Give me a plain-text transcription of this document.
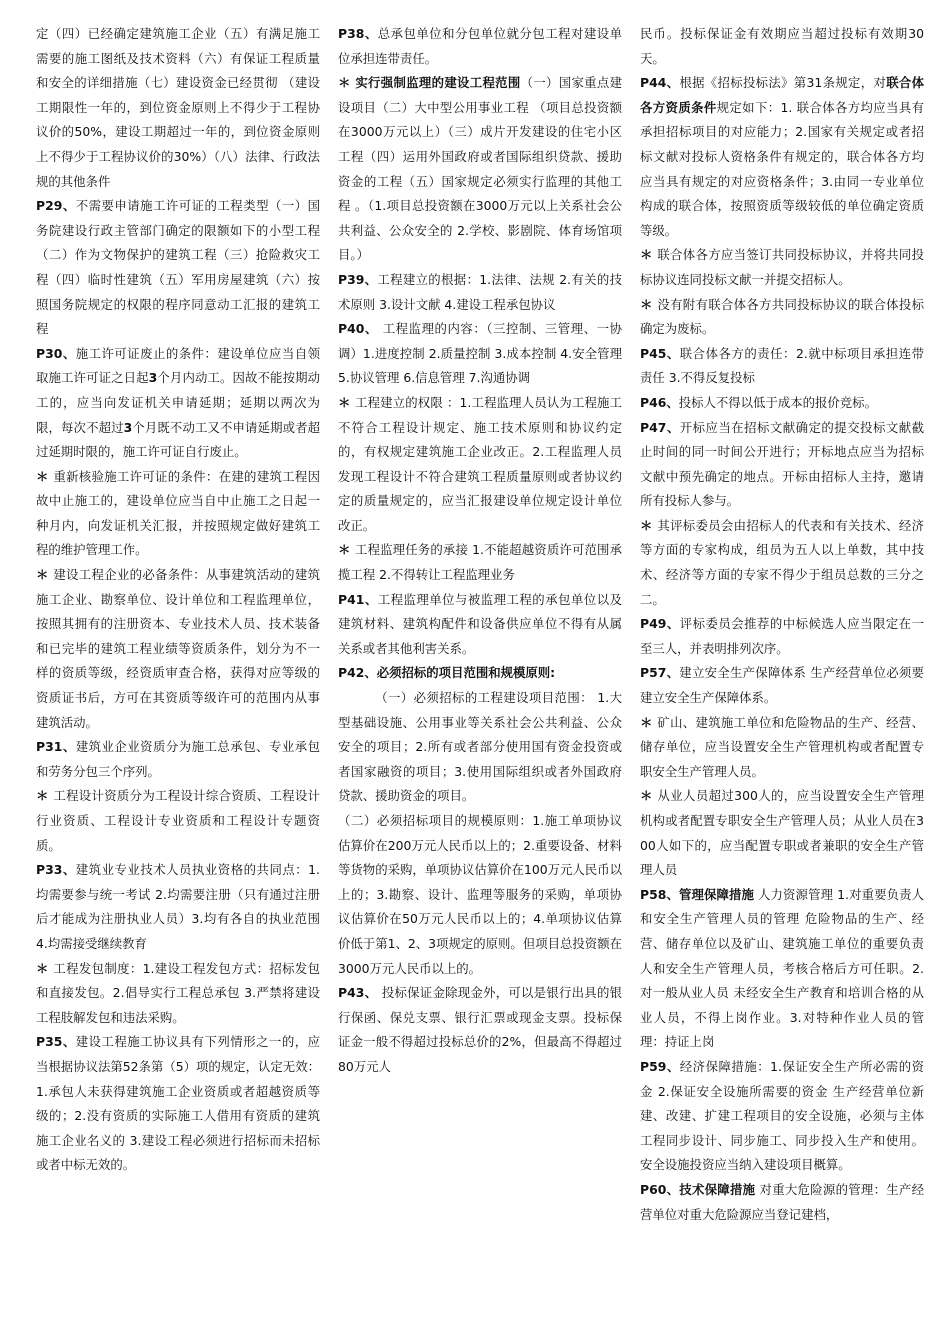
定（四）已经确定建筑施工企业（五）有满足施工需要的施工图纸及技术资料（六）有保证工程质量和安全的详细措施（七）建设资金已经贯彻 （建设工期限性一年的，到位资金原则上不得少于工程协议价的50%，建设工期超过一年的，到位资金原则上不得少于工程协议价的30%）（八）法律、行政法规的其他条件

P29、不需要申请施工许可证的工程类型（一）国务院建设行政主管部门确定的限额如下的小型工程（二）作为文物保护的建筑工程（三）抢险救灾工程（四）临时性建筑（五）军用房屋建筑（六）按照国务院规定的权限的程序同意动工汇报的建筑工程

P30、施工许可证废止的条件：建设单位应当自领取施工许可证之日起3个月内动工。因故不能按期动工的，应当向发证机关申请延期；延期以两次为限，每次不超过3个月既不动工又不申请延期或者超过延期时限的，施工许可证自行废止。

＊ 重新核验施工许可证的条件：在建的建筑工程因故中止施工的，建设单位应当自中止施工之日起一种月内，向发证机关汇报，并按照规定做好建筑工程的维护管理工作。

＊ 建设工程企业的必备条件：从事建筑活动的建筑施工企业、勘察单位、设计单位和工程监理单位，按照其拥有的注册资本、专业技术人员、技术装备和已完毕的建筑工程业绩等资质条件，划分为不一样的资质等级，经资质审查合格，获得对应等级的资质证书后，方可在其资质等级许可的范围内从事建筑活动。

P31、建筑业企业资质分为施工总承包、专业承包和劳务分包三个序列。

＊ 工程设计资质分为工程设计综合资质、工程设计行业资质、工程设计专业资质和工程设计专题资质。

P33、建筑业专业技术人员执业资格的共同点：1.均需要参与统一考试 2.均需要注册（只有通过注册后才能成为注册执业人员）3.均有各自的执业范围 4.均需接受继续教育

＊ 工程发包制度：1.建设工程发包方式：招标发包和直接发包。2.倡导实行工程总承包 3.严禁将建设工程肢解发包和违法采购。

P35、建设工程施工协议具有下列情形之一的，应当根据协议法第52条第（5）项的规定，认定无效：1.承包人未获得建筑施工企业资质或者超越资质等级的；2.没有资质的实际施工人借用有资质的建筑施工企业名义的 3.建设工程必须进行招标而未招标或者中标无效的。

P38、总承包单位和分包单位就分包工程对建设单位承担连带责任。

＊ 实行强制监理的建设工程范围（一）国家重点建设项目（二）大中型公用事业工程 （项目总投资额在3000万元以上）（三）成片开发建设的住宅小区工程（四）运用外国政府或者国际组织贷款、援助资金的工程（五）国家规定必须实行监理的其他工程 。（1.项目总投资额在3000万元以上关系社会公共利益、公众安全的 2.学校、影剧院、体育场馆项目。）

P39、工程建立的根据：1.法律、法规 2.有关的技术原则 3.设计文献 4.建设工程承包协议

P40、 工程监理的内容：（三控制、三管理、一协调）1.进度控制 2.质量控制 3.成本控制 4.安全管理 5.协议管理 6.信息管理 7.沟通协调

＊ 工程建立的权限 ：1.工程监理人员认为工程施工不符合工程设计规定、施工技术原则和协议约定的，有权规定建筑施工企业改正。2.工程监理人员发现工程设计不符合建筑工程质量原则或者协议约定的质量规定的，应当汇报建设单位规定设计单位改正。

＊ 工程监理任务的承接 1.不能超越资质许可范围承揽工程 2.不得转让工程监理业务

P41、工程监理单位与被监理工程的承包单位以及建筑材料、建筑构配件和设备供应单位不得有从属关系或者其他利害关系。

P42、必须招标的项目范围和规模原则:

（一）必须招标的工程建设项目范围： 1.大型基础设施、公用事业等关系社会公共利益、公众安全的项目；2.所有或者部分使用国有资金投资或者国家融资的项目；3.使用国际组织或者外国政府贷款、援助资金的项目。

（二）必须招标项目的规模原则：1.施工单项协议估算价在200万元人民币以上的；2.重要设备、材料等货物的采购，单项协议估算价在100万元人民币以上的；3.勘察、设计、监理等服务的采购，单项协议估算价在50万元人民币以上的；4.单项协议估算价低于第1、2、3项规定的原则。但项目总投资额在3000万元人民币以上的。

P43、 投标保证金除现金外，可以是银行出具的银行保函、保兑支票、银行汇票或现金支票。投标保证金一般不得超过投标总价的2%，但最高不得超过80万元人

民币。投标保证金有效期应当超过投标有效期30天。

P44、根据《招标投标法》第31条规定，对联合体各方资质条件规定如下：1. 联合体各方均应当具有承担招标项目的对应能力；2.国家有关规定或者招标文献对投标人资格条件有规定的，联合体各方均应当具有规定的对应资格条件；3.由同一专业单位构成的联合体，按照资质等级较低的单位确定资质等级。

＊ 联合体各方应当签订共同投标协议，并将共同投标协议连同投标文献一并提交招标人。

＊ 没有附有联合体各方共同投标协议的联合体投标确定为废标。

P45、联合体各方的责任：2.就中标项目承担连带责任 3.不得反复投标

P46、投标人不得以低于成本的报价竞标。

P47、开标应当在招标文献确定的提交投标文献截止时间的同一时间公开进行；开标地点应当为招标文献中预先确定的地点。开标由招标人主持，邀请所有投标人参与。

＊ 其评标委员会由招标人的代表和有关技术、经济等方面的专家构成，组员为五人以上单数，其中技术、经济等方面的专家不得少于组员总数的三分之二。

P49、评标委员会推荐的中标候选人应当限定在一至三人，并表明排列次序。

P57、建立安全生产保障体系 生产经营单位必须要建立安全生产保障体系。

＊ 矿山、建筑施工单位和危险物品的生产、经营、储存单位，应当设置安全生产管理机构或者配置专职安全生产管理人员。

＊ 从业人员超过300人的，应当设置安全生产管理机构或者配置专职安全生产管理人员；从业人员在300人如下的，应当配置专职或者兼职的安全生产管理人员

P58、管理保障措施 人力资源管理 1.对重要负责人和安全生产管理人员的管理 危险物品的生产、经营、储存单位以及矿山、建筑施工单位的重要负责人和安全生产管理人员，考核合格后方可任职。2.对一般从业人员 未经安全生产教育和培训合格的从业人员，不得上岗作业。3.对特种作业人员的管理：持证上岗

P59、经济保障措施：1.保证安全生产所必需的资金 2.保证安全设施所需要的资金 生产经营单位新建、改建、扩建工程项目的安全设施，必须与主体工程同步设计、同步施工、同步投入生产和使用。安全设施投资应当纳入建设项目概算。

P60、技术保障措施 对重大危险源的管理：生产经营单位对重大危险源应当登记建档，
